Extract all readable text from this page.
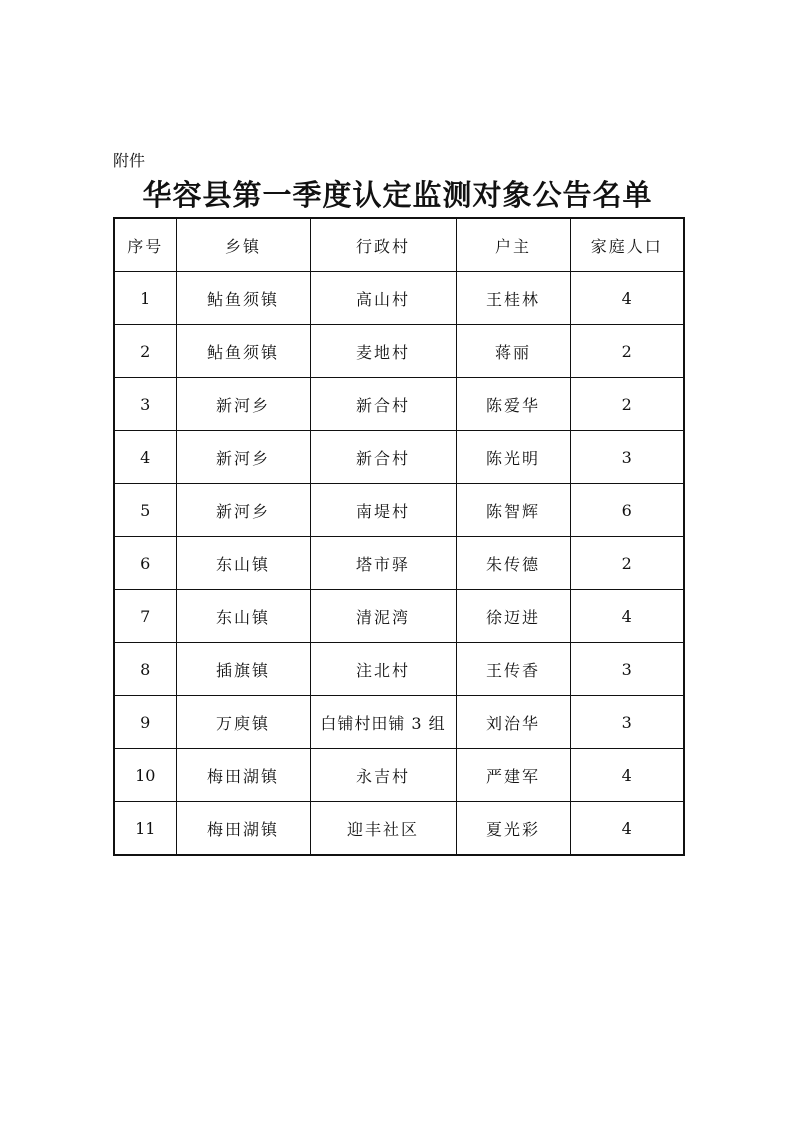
附件
华容县第一季度认定监测对象公告名单
序号	乡镇	行政村	户主	家庭人口
1	鲇鱼须镇	高山村	王桂林	4
2	鲇鱼须镇	麦地村	蒋丽	2
3	新河乡	新合村	陈爱华	2
4	新河乡	新合村	陈光明	3
5	新河乡	南堤村	陈智辉	6
6	东山镇	塔市驿	朱传德	2
7	东山镇	清泥湾	徐迈进	4
8	插旗镇	注北村	王传香	3
9	万庾镇	白铺村田铺 3 组	刘治华	3
10	梅田湖镇	永吉村	严建军	4
11	梅田湖镇	迎丰社区	夏光彩	4
